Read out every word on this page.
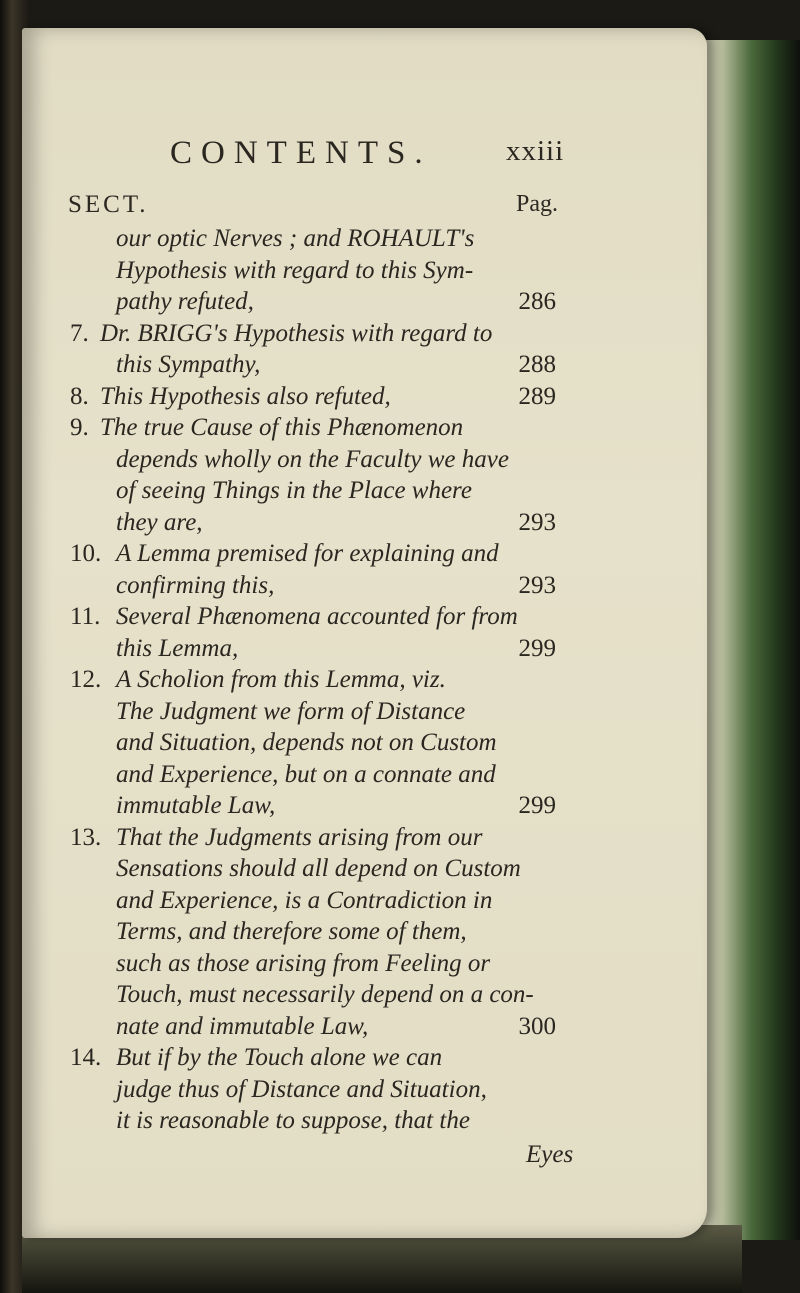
CONTENTS.	xxiii
SECT.	Pag.
our optic Nerves ; and ROHAULT's
Hypothesis with regard to this Sym-
pathy refuted,	286
7. Dr. BRIGG's Hypothesis with regard to
this Sympathy,	288
8. This Hypothesis also refuted,	289
9. The true Cause of this Phænomenon
depends wholly on the Faculty we have
of seeing Things in the Place where
they are,	293
10. A Lemma premised for explaining and
confirming this,	293
11. Several Phænomena accounted for from
this Lemma,	299
12. A Scholion from this Lemma, viz.
The Judgment we form of Distance
and Situation, depends not on Custom
and Experience, but on a connate and
immutable Law,	299
13. That the Judgments arising from our
Sensations should all depend on Custom
and Experience, is a Contradiction in
Terms, and therefore some of them,
such as those arising from Feeling or
Touch, must necessarily depend on a con-
nate and immutable Law,	300
14. But if by the Touch alone we can
judge thus of Distance and Situation,
Eyes
it is reasonable to suppose, that the
